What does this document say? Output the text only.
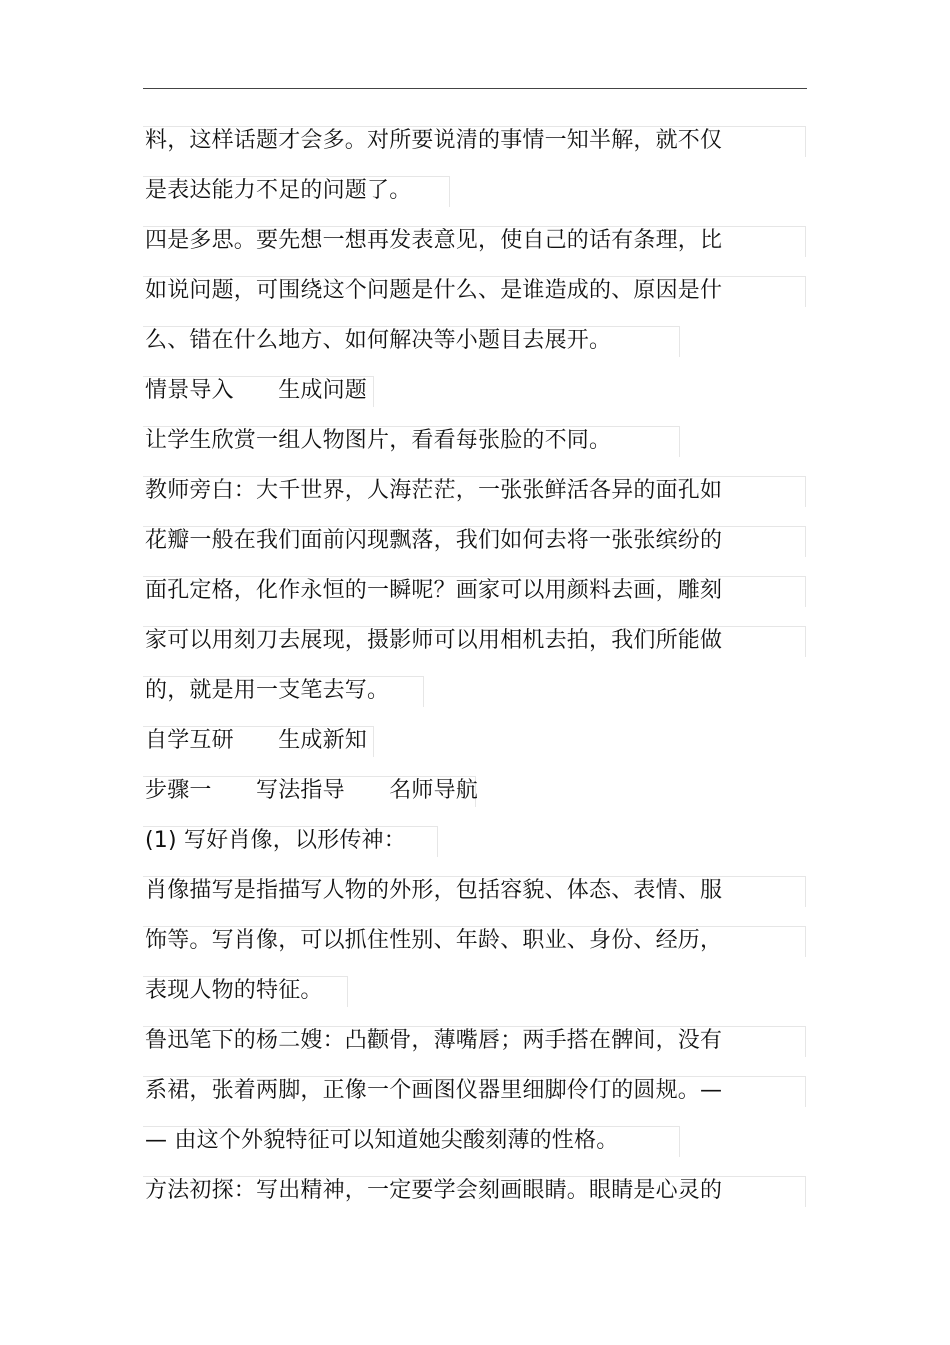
料，这样话题才会多。对所要说清的事情一知半解，就不仅
是表达能力不足的问题了。
四是多思。要先想一想再发表意见，使自己的话有条理，比
如说问题，可围绕这个问题是什么、是谁造成的、原因是什
么、错在什么地方、如何解决等小题目去展开。
情景导入　　生成问题
让学生欣赏一组人物图片，看看每张脸的不同。
教师旁白：大千世界，人海茫茫，一张张鲜活各异的面孔如
花瓣一般在我们面前闪现飘落，我们如何去将一张张缤纷的
面孔定格，化作永恒的一瞬呢？画家可以用颜料去画，雕刻
家可以用刻刀去展现，摄影师可以用相机去拍，我们所能做
的，就是用一支笔去写。
自学互研　　生成新知
步骤一　　写法指导　　名师导航
(1) 写好肖像，以形传神：
肖像描写是指描写人物的外形，包括容貌、体态、表情、服
饰等。写肖像，可以抓住性别、年龄、职业、身份、经历，
表现人物的特征。
鲁迅笔下的杨二嫂：凸颧骨，薄嘴唇；两手搭在髀间，没有
系裙，张着两脚，正像一个画图仪器里细脚伶仃的圆规。—
— 由这个外貌特征可以知道她尖酸刻薄的性格。
方法初探：写出精神，一定要学会刻画眼睛。眼睛是心灵的
